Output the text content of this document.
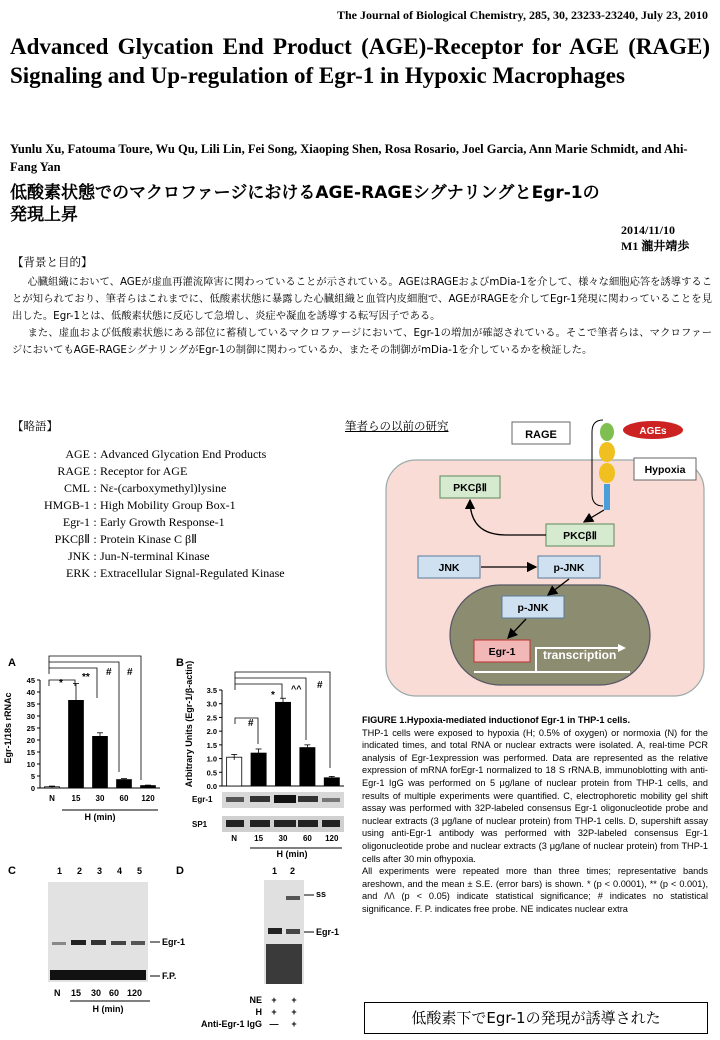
The Journal of Biological Chemistry, 285, 30, 23233-23240, July 23, 2010
Advanced Glycation End Product (AGE)-Receptor for AGE (RAGE) Signaling and Up-regulation of Egr-1 in Hypoxic Macrophages
Yunlu Xu, Fatouma Toure, Wu Qu, Lili Lin, Fei Song, Xiaoping Shen, Rosa Rosario, Joel Garcia, Ann Marie Schmidt, and Ahi-Fang Yan
低酸素状態でのマクロファージにおけるAGE-RAGEシグナリングとEgr-1の
発現上昇
2014/11/10
M1 瀧井靖歩
【背景と目的】

心臓組織において、AGEが虚血再灌流障害に関わっていることが示されている。AGEはRAGEおよびmDia-1を介して、様々な細胞応答を誘導することが知られており、筆者らはこれまでに、低酸素状態に暴露した心臓組織と血管内皮細胞で、AGEがRAGEを介してEgr-1発現に関わっていることを見出した。Egr-1とは、低酸素状態に反応して急増し、炎症や凝血を誘導する転写因子である。

また、虚血および低酸素状態にある部位に蓄積しているマクロファージにおいて、Egr-1の増加が確認されている。そこで筆者らは、マクロファージにおいてもAGE-RAGEシグナリングがEgr-1の制御に関わっているか、またその制御がmDia-1を介しているかを検証した。

【略語】
AGE	:	Advanced Glycation End Products
RAGE	:	Receptor for AGE
CML	:	Nε-(carboxymethyl)lysine
HMGB-1	:	High Mobility Group Box-1
Egr-1	:	Early Growth Response-1
PKCβⅡ	:	Protein Kinase C βⅡ
JNK	:	Jun-N-terminal Kinase
ERK	:	Extracellular Signal-Regulated Kinase
筆者らの以前の研究
RAGE	AGEs
Hypoxia
PKCβⅡ
PKCβⅡ
JNK	p-JNK
p-JNK
Egr-1 transcription
A
Egr-1/18s rRNAc
0
5
10
15
20
25
30
35
40
45
N 15 30 60 120
H (min)
*
** # #
B Arbitrary Units (Egr-1/β-actin) 0.0
0.5
1.0
1.5
2.0
2.5
3.0
3.5
#
*
^^ #
Egr-1
SP1
N 15 30 60 120
H (min)
C	1 2 3 4 5
Egr-1
F.P.
N 15 30 60 120
H (min)
D	1 2
ss
Egr-1
NE + +
H + +
Anti-Egr-1 IgG — +

FIGURE 1.Hypoxia-mediated inductionof Egr-1 in THP-1 cells.

THP-1 cells were exposed to hypoxia (H; 0.5% of oxygen) or normoxia (N) for the indicated times, and total RNA or nuclear extracts were isolated. A, real-time PCR analysis of Egr-1expression was performed. Data are represented as the relative expression of mRNA forEgr-1 normalized to 18 S rRNA.B, immunoblotting with anti-Egr-1 IgG was performed on 5 μg/lane of nuclear protein from THP-1 cells, and results of multiple experiments were quantified. C, electrophoretic mobility gel shift assay was performed with 32P-labeled consensus Egr-1 oligonucleotide probe and nuclear extracts (3 μg/lane of nuclear protein) from THP-1 cells. D, supershift assay using anti-Egr-1 antibody was performed with 32P-labeled consensus Egr-1 oligonucleotide probe and nuclear extracts (3 μg/lane of nuclear protein) from THP-1 cells after 30 min ofhypoxia.

All experiments were repeated more than three times; representative bands areshown, and the mean ± S.E. (error bars) is shown. * (p < 0.0001), ** (p < 0.001), and /\/\ (p < 0.05) indicate statistical significance; # indicates no statistical significance. F. P. indicates free probe. NE indicates nuclear extra

低酸素下でEgr-1の発現が誘導された
